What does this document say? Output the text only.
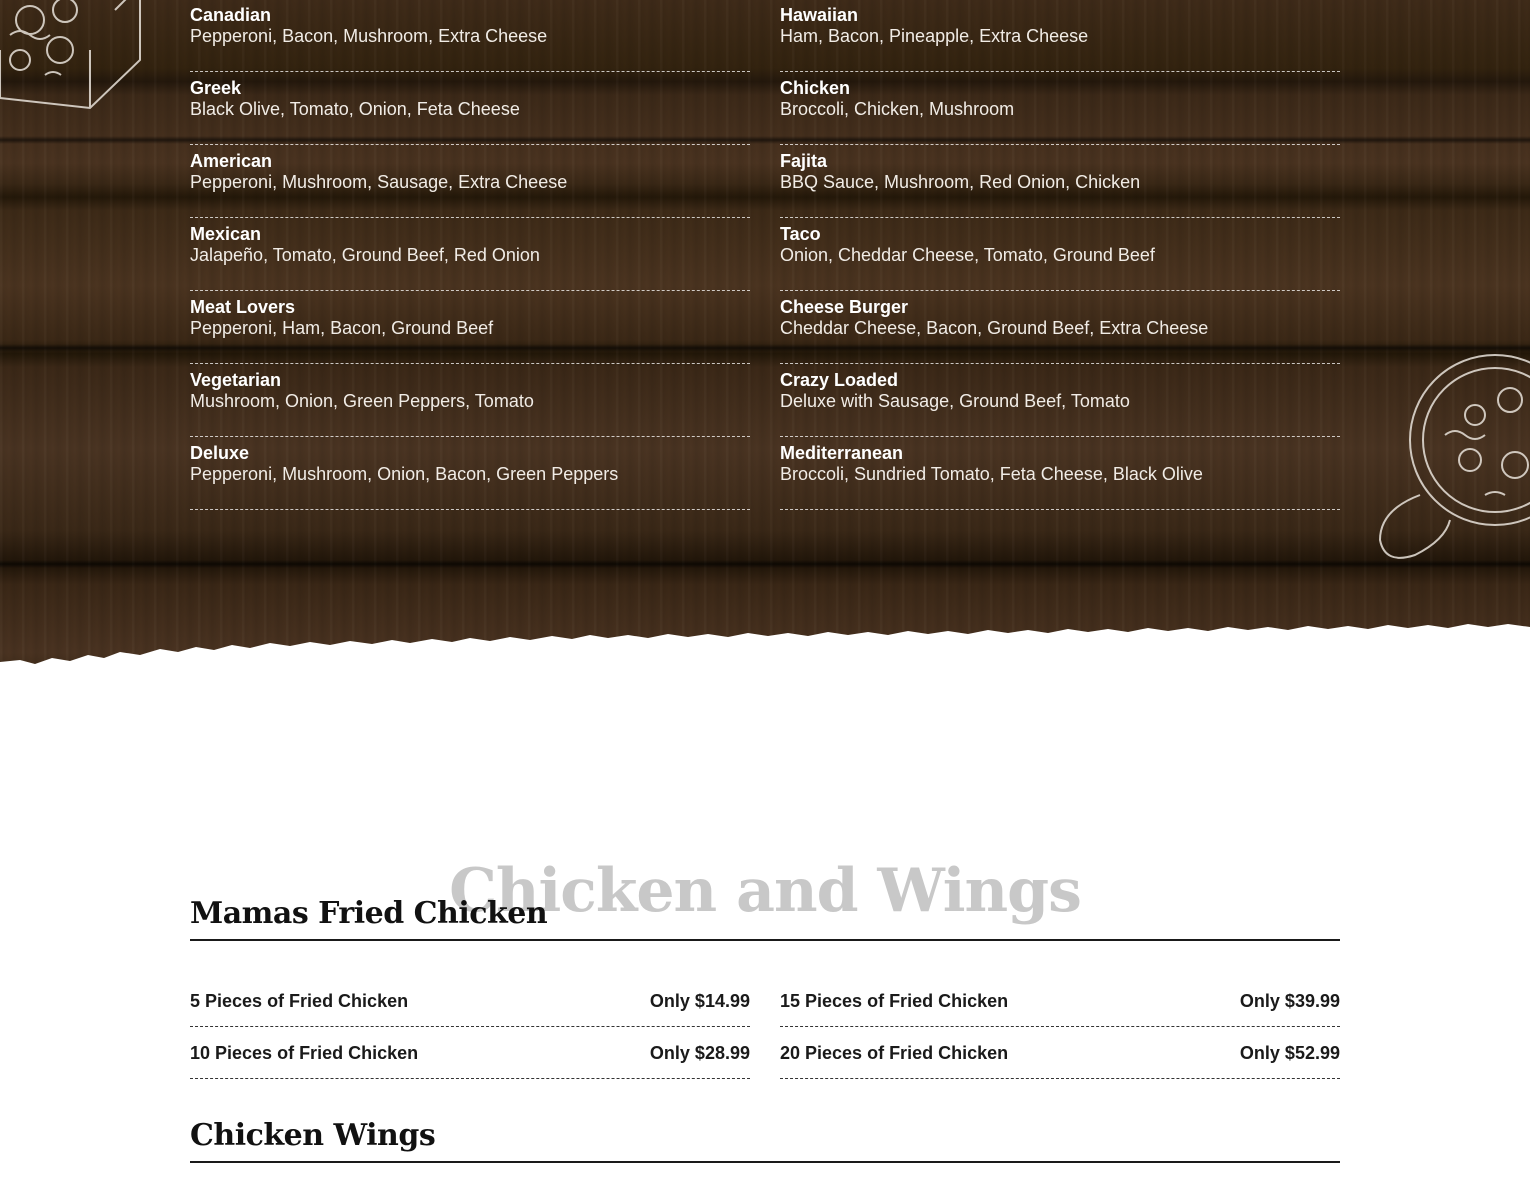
Canadian
Pepperoni, Bacon, Mushroom, Extra Cheese
Greek
Black Olive, Tomato, Onion, Feta Cheese
American
Pepperoni, Mushroom, Sausage, Extra Cheese
Mexican
Jalapeño, Tomato, Ground Beef, Red Onion
Meat Lovers
Pepperoni, Ham, Bacon, Ground Beef
Vegetarian
Mushroom, Onion, Green Peppers, Tomato
Deluxe
Pepperoni, Mushroom, Onion, Bacon, Green Peppers
Hawaiian
Ham, Bacon, Pineapple, Extra Cheese
Chicken
Broccoli, Chicken, Mushroom
Fajita
BBQ Sauce, Mushroom, Red Onion, Chicken
Taco
Onion, Cheddar Cheese, Tomato, Ground Beef
Cheese Burger
Cheddar Cheese, Bacon, Ground Beef, Extra Cheese
Crazy Loaded
Deluxe with Sausage, Ground Beef, Tomato
Mediterranean
Broccoli, Sundried Tomato, Feta Cheese, Black Olive
Chicken and Wings
Mamas Fried Chicken
5 Pieces of Fried Chicken	Only $14.99
10 Pieces of Fried Chicken	Only $28.99
15 Pieces of Fried Chicken	Only $39.99
20 Pieces of Fried Chicken	Only $52.99
Chicken Wings
